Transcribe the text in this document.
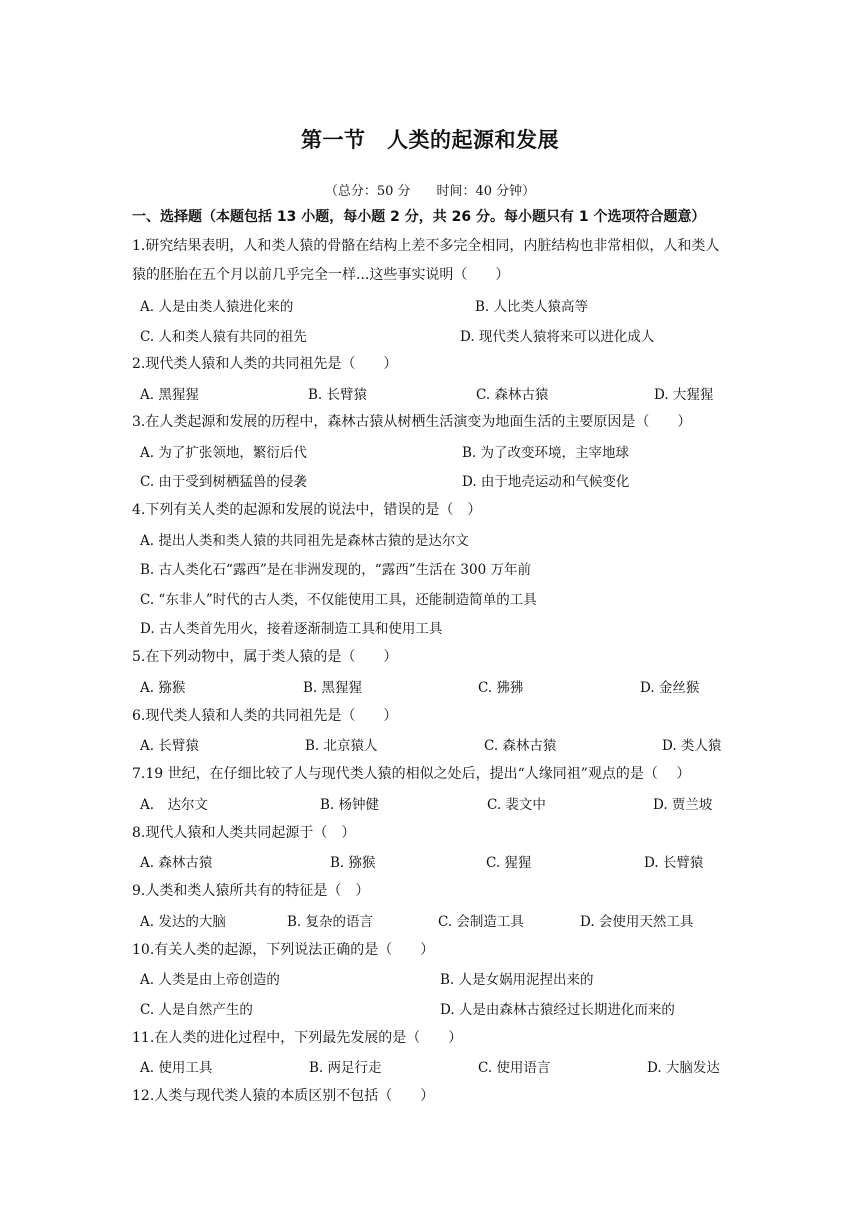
第一节　人类的起源和发展
（总分：50 分　　时间：40 分钟）
一、选择题（本题包括 13 小题，每小题 2 分，共 26 分。每小题只有 1 个选项符合题意）
1.研究结果表明，人和类人猿的骨骼在结构上差不多完全相同，内脏结构也非常相似，人和类人猿的胚胎在五个月以前几乎完全一样...这些事实说明（　　）
A. 人是由类人猿进化来的	B. 人比类人猿高等
C. 人和类人猿有共同的祖先	D. 现代类人猿将来可以进化成人
2.现代类人猿和人类的共同祖先是（　　）
A. 黑猩猩	B. 长臂猿	C. 森林古猿	D. 大猩猩
3.在人类起源和发展的历程中，森林古猿从树栖生活演变为地面生活的主要原因是（　　）
A. 为了扩张领地，繁衍后代	B. 为了改变环境，主宰地球
C. 由于受到树栖猛兽的侵袭	D. 由于地壳运动和气候变化
4.下列有关人类的起源和发展的说法中，错误的是（　）
A. 提出人类和类人猿的共同祖先是森林古猿的是达尔文
B. 古人类化石“露西”是在非洲发现的，“露西”生活在 300 万年前
C. “东非人”时代的古人类，不仅能使用工具，还能制造简单的工具
D. 古人类首先用火，接着逐渐制造工具和使用工具
5.在下列动物中，属于类人猿的是（　　）
A. 猕猴	B. 黑猩猩	C. 狒狒	D. 金丝猴
6.现代类人猿和人类的共同祖先是（　　）
A. 长臂猿	B. 北京猿人	C. 森林古猿	D. 类人猿
7.19 世纪，在仔细比较了人与现代类人猿的相似之处后，提出“人缘同祖”观点的是（　 ）
A.　达尔文	B. 杨钟健	C. 裴文中	D. 贾兰坡
8.现代人猿和人类共同起源于（　）
A. 森林古猿	B. 猕猴	C. 猩猩	D. 长臂猿
9.人类和类人猿所共有的特征是（　）
A. 发达的大脑	B. 复杂的语言	C. 会制造工具	D. 会使用天然工具
10.有关人类的起源，下列说法正确的是（　　）
A. 人类是由上帝创造的	B. 人是女娲用泥捏出来的
C. 人是自然产生的	D. 人是由森林古猿经过长期进化而来的
11.在人类的进化过程中，下列最先发展的是（　　）
A. 使用工具	B. 两足行走	C. 使用语言	D. 大脑发达
12.人类与现代类人猿的本质区别不包括（　　）
